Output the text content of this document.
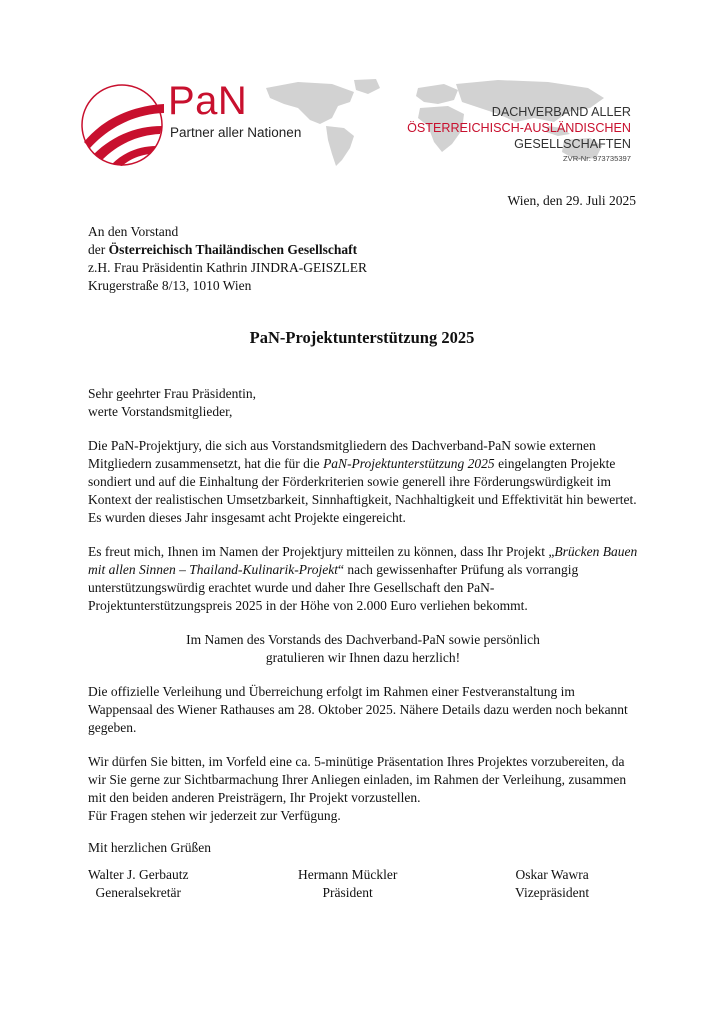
PaN
Partner aller Nationen
DACHVERBAND ALLER
ÖSTERREICHISCH-AUSLÄNDISCHEN
GESELLSCHAFTEN
ZVR-Nr: 973735397
Wien, den 29. Juli 2025
An den Vorstand
der Österreichisch Thailändischen Gesellschaft
z.H. Frau Präsidentin Kathrin JINDRA-GEISZLER
Krugerstraße 8/13, 1010 Wien
PaN-Projektunterstützung 2025

Sehr geehrter Frau Präsidentin,
werte Vorstandsmitglieder,

Die PaN-Projektjury, die sich aus Vorstandsmitgliedern des Dachverband-PaN sowie externen Mitgliedern zusammensetzt, hat die für die PaN-Projektunterstützung 2025 eingelangten Projekte sondiert und auf die Einhaltung der Förderkriterien sowie generell ihre Förderungswürdigkeit im Kontext der realistischen Umsetzbarkeit, Sinnhaftigkeit, Nachhaltigkeit und Effektivität hin bewertet. Es wurden dieses Jahr insgesamt acht Projekte eingereicht.

Es freut mich, Ihnen im Namen der Projektjury mitteilen zu können, dass Ihr Projekt „Brücken Bauen mit allen Sinnen – Thailand-Kulinarik-Projekt“ nach gewissenhafter Prüfung als vorrangig unterstützungswürdig erachtet wurde und daher Ihre Gesellschaft den PaN-Projektunterstützungspreis 2025 in der Höhe von 2.000 Euro verliehen bekommt.

Im Namen des Vorstands des Dachverband-PaN sowie persönlich
gratulieren wir Ihnen dazu herzlich!

Die offizielle Verleihung und Überreichung erfolgt im Rahmen einer Festveranstaltung im Wappensaal des Wiener Rathauses am 28. Oktober 2025. Nähere Details dazu werden noch bekannt gegeben.

Wir dürfen Sie bitten, im Vorfeld eine ca. 5-minütige Präsentation Ihres Projektes vorzubereiten, da wir Sie gerne zur Sichtbarmachung Ihrer Anliegen einladen, im Rahmen der Verleihung, zusammen mit den beiden anderen Preisträgern, Ihr Projekt vorzustellen.
Für Fragen stehen wir jederzeit zur Verfügung.

Mit herzlichen Grüßen

Walter J. Gerbautz
Generalsekretär
Hermann Mückler
Präsident
Oskar Wawra
Vizepräsident
